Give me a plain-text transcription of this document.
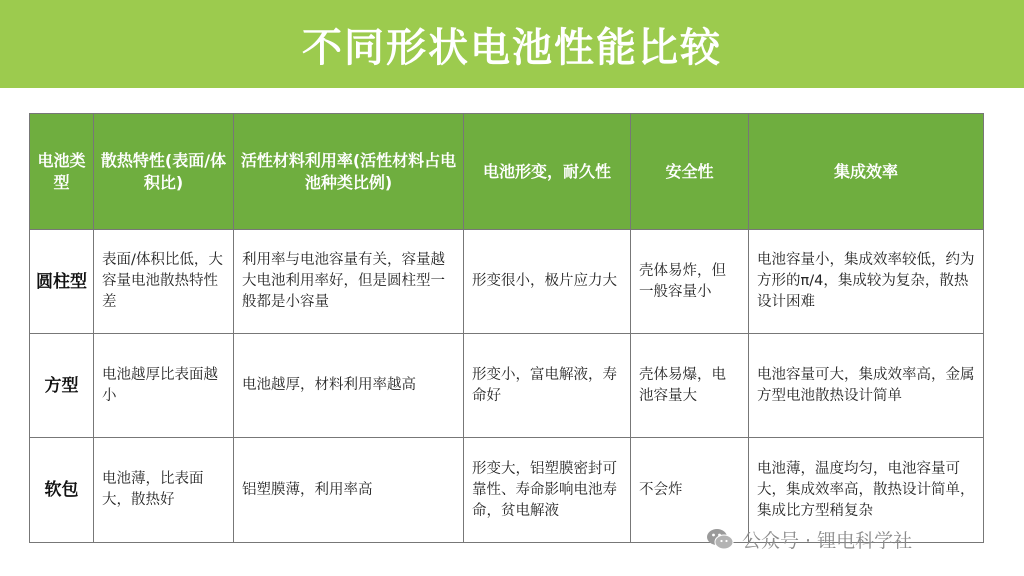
不同形状电池性能比较
电池类型	散热特性(表面/体积比)	活性材料利用率(活性材料占电池种类比例)	电池形变，耐久性	安全性	集成效率
圆柱型	表面/体积比低，大容量电池散热特性差	利用率与电池容量有关，容量越大电池利用率好，但是圆柱型一般都是小容量	形变很小，极片应力大	壳体易炸，但一般容量小	电池容量小，集成效率较低，约为方形的π/4，集成较为复杂，散热设计困难
方型	电池越厚比表面越小	电池越厚，材料利用率越高	形变小，富电解液，寿命好	壳体易爆，电池容量大	电池容量可大，集成效率高，金属方型电池散热设计简单
软包	电池薄，比表面大，散热好	铝塑膜薄，利用率高	形变大，铝塑膜密封可靠性、寿命影响电池寿命，贫电解液	不会炸	电池薄，温度均匀，电池容量可大，集成效率高，散热设计简单，集成比方型稍复杂
公众号 · 锂电科学社
